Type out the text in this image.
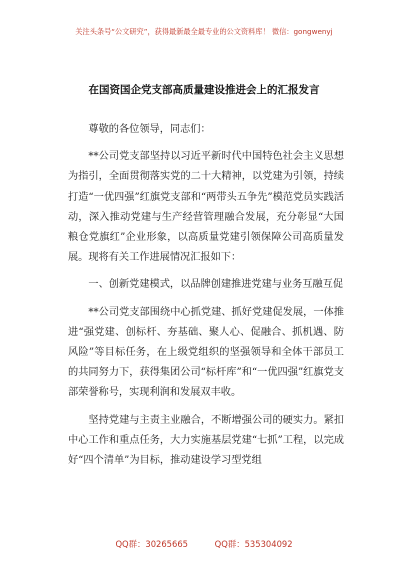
关注头条号“公文研究”，获得最新最全最专业的公文资料库！ 微信：gongwenyj
在国资国企党支部高质量建设推进会上的汇报发言

尊敬的各位领导，同志们：

**公司党支部坚持以习近平新时代中国特色社会主义思想为指引，全面贯彻落实党的二十大精神，以党建为引领，持续打造“一优四强”红旗党支部和“两带头五争先”模范党员实践活动，深入推动党建与生产经营管理融合发展，充分彰显“大国粮仓党旗红”企业形象，以高质量党建引领保障公司高质量发展。现将有关工作进展情况汇报如下：

一、创新党建模式，以品牌创建推进党建与业务互融互促

**公司党支部围绕中心抓党建、抓好党建促发展，一体推进“强党建、创标杆、夯基础、聚人心、促融合、抓机遇、防风险”等目标任务，在上级党组织的坚强领导和全体干部员工的共同努力下，获得集团公司“标杆库”和“一优四强”红旗党支部荣誉称号，实现利润和发展双丰收。

坚持党建与主责主业融合，不断增强公司的硬实力。紧扣中心工作和重点任务，大力实施基层党建“七抓”工程，以完成好“四个清单”为目标，推动建设学习型党组

QQ群：30265665	QQ群：535304092
